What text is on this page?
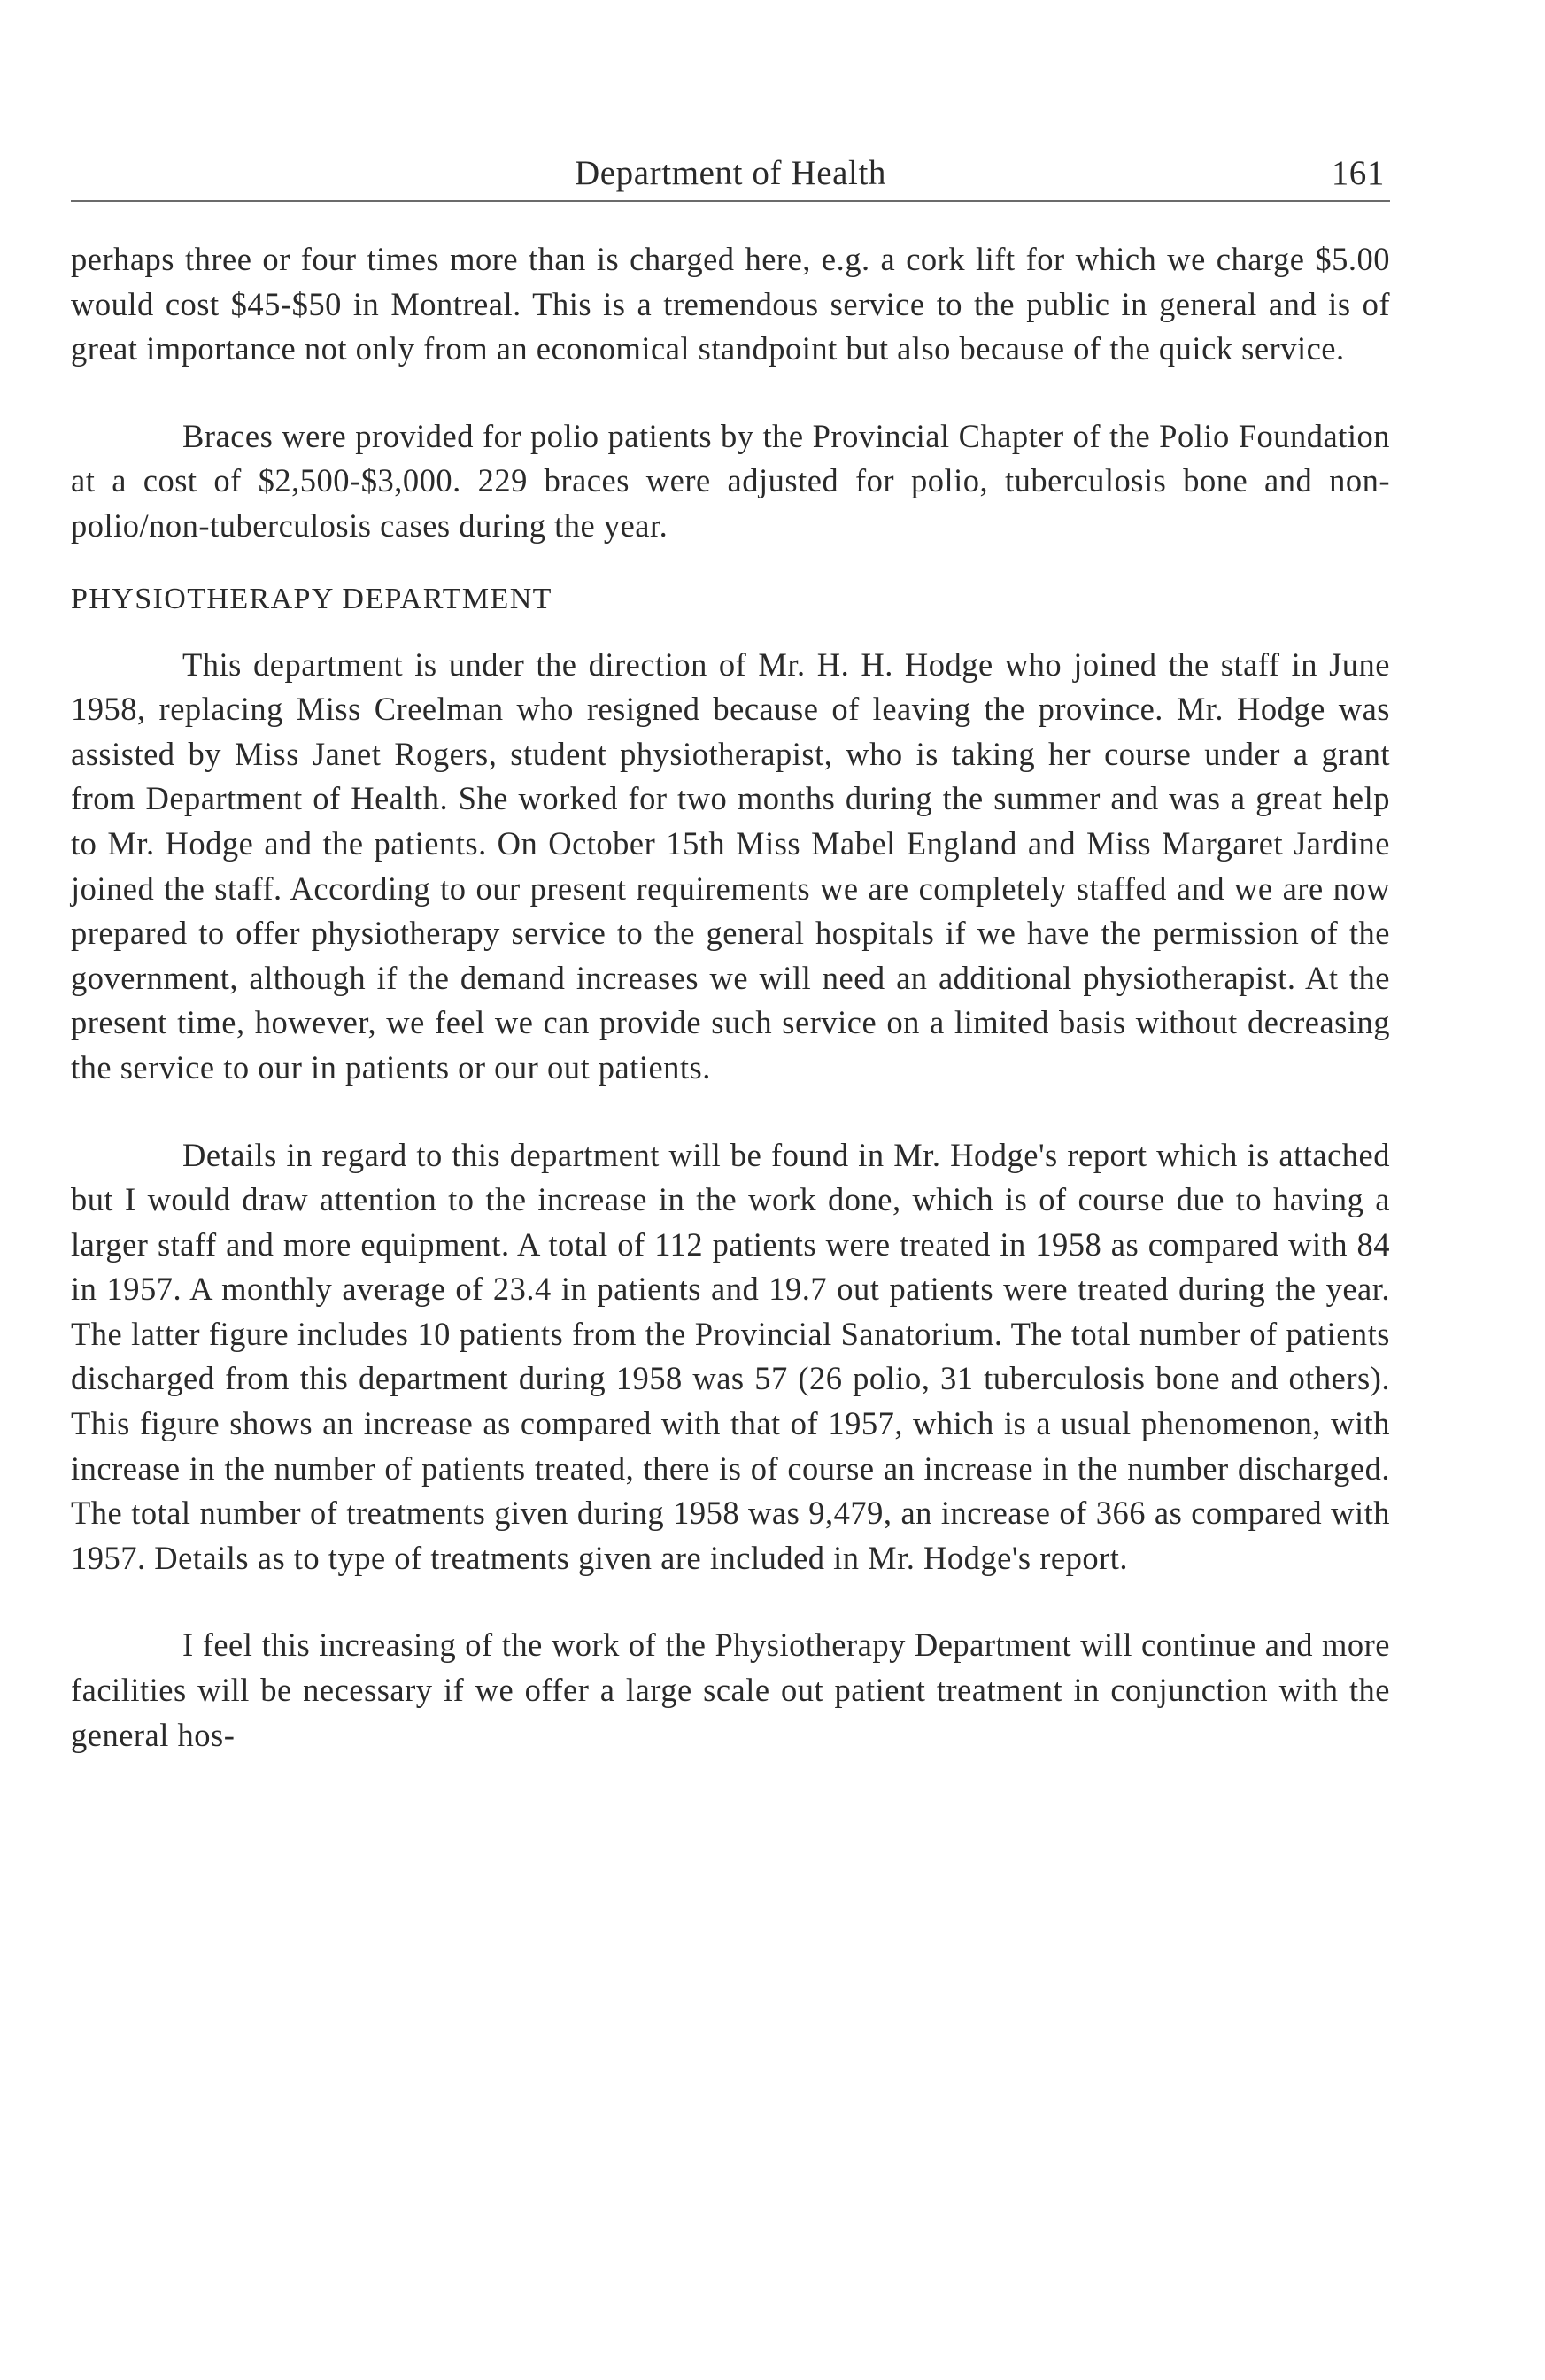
Department of Health	161

perhaps three or four times more than is charged here, e.g. a cork lift for which we charge $5.00 would cost $45-$50 in Montreal. This is a tremendous service to the public in general and is of great importance not only from an economical standpoint but also because of the quick service.

Braces were provided for polio patients by the Provincial Chapter of the Polio Foundation at a cost of $2,500-$3,000. 229 braces were adjusted for polio, tuberculosis bone and non-polio/non-tuberculosis cases during the year.

PHYSIOTHERAPY DEPARTMENT

This department is under the direction of Mr. H. H. Hodge who joined the staff in June 1958, replacing Miss Creelman who resigned because of leaving the province. Mr. Hodge was assisted by Miss Janet Rogers, student physiotherapist, who is taking her course under a grant from Department of Health. She worked for two months during the summer and was a great help to Mr. Hodge and the patients. On October 15th Miss Mabel England and Miss Margaret Jardine joined the staff. According to our present requirements we are completely staffed and we are now prepared to offer physiotherapy service to the general hospitals if we have the permission of the government, although if the demand increases we will need an additional physiotherapist. At the present time, however, we feel we can provide such service on a limited basis without decreasing the service to our in patients or our out patients.

Details in regard to this department will be found in Mr. Hodge's report which is attached but I would draw attention to the increase in the work done, which is of course due to having a larger staff and more equipment. A total of 112 patients were treated in 1958 as compared with 84 in 1957. A monthly average of 23.4 in patients and 19.7 out patients were treated during the year. The latter figure includes 10 patients from the Provincial Sanatorium. The total number of patients discharged from this department during 1958 was 57 (26 polio, 31 tuberculosis bone and others). This figure shows an increase as compared with that of 1957, which is a usual phenomenon, with increase in the number of patients treated, there is of course an increase in the number discharged. The total number of treatments given during 1958 was 9,479, an increase of 366 as compared with 1957. Details as to type of treatments given are included in Mr. Hodge's report.

I feel this increasing of the work of the Physiotherapy Department will continue and more facilities will be necessary if we offer a large scale out patient treatment in conjunction with the general hos-
